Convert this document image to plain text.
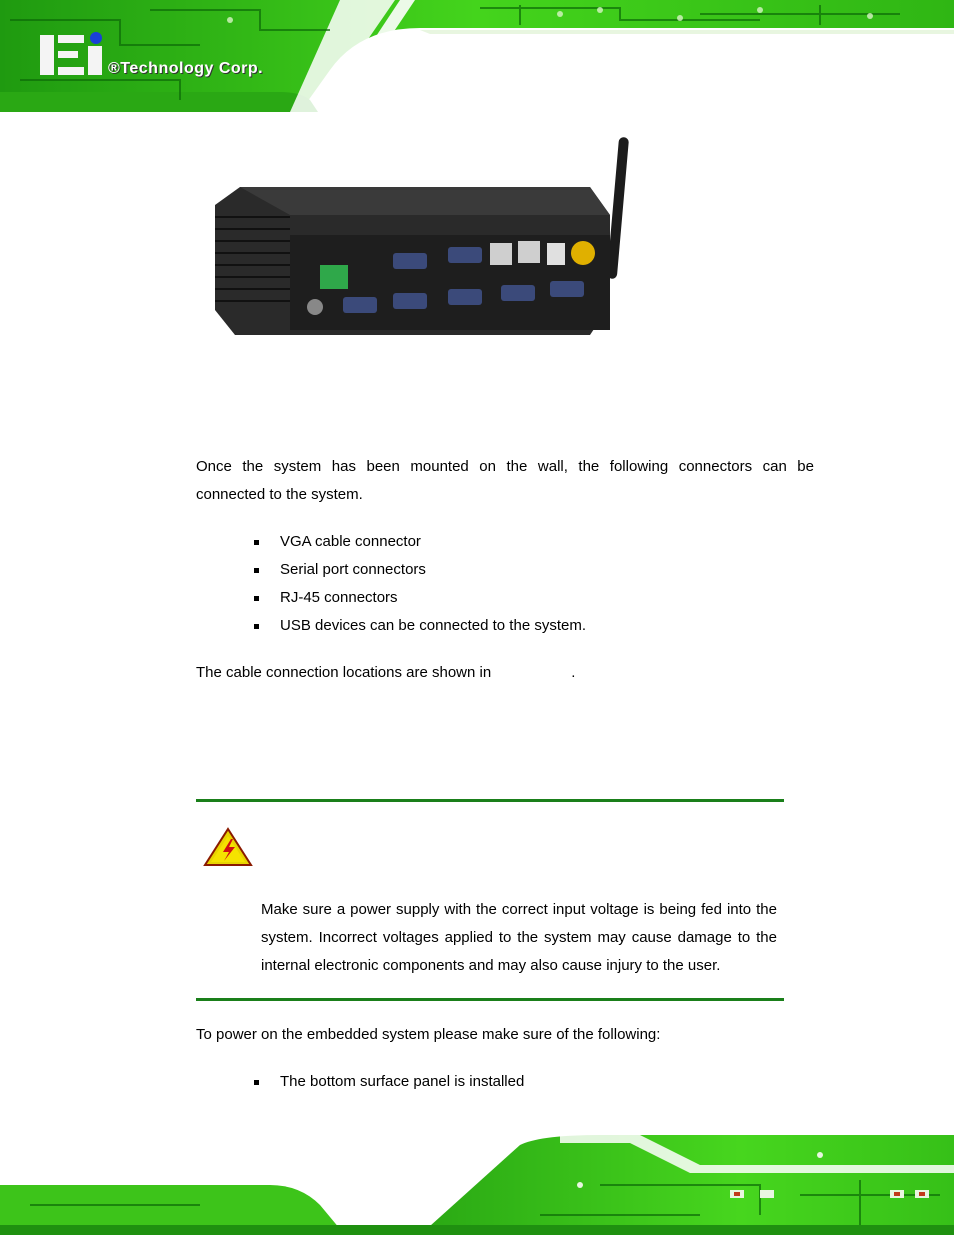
®Technology Corp.
Once the system has been mounted on the wall, the following connectors can be
connected to the system.
VGA cable connector
Serial port connectors
RJ-45 connectors
USB devices can be connected to the system.
The cable connection locations are shown in	.
Make sure a power supply with the correct input voltage is being fed into the system. Incorrect voltages applied to the system may cause damage to the internal electronic components and may also cause injury to the user.
To power on the embedded system please make sure of the following:
The bottom surface panel is installed
